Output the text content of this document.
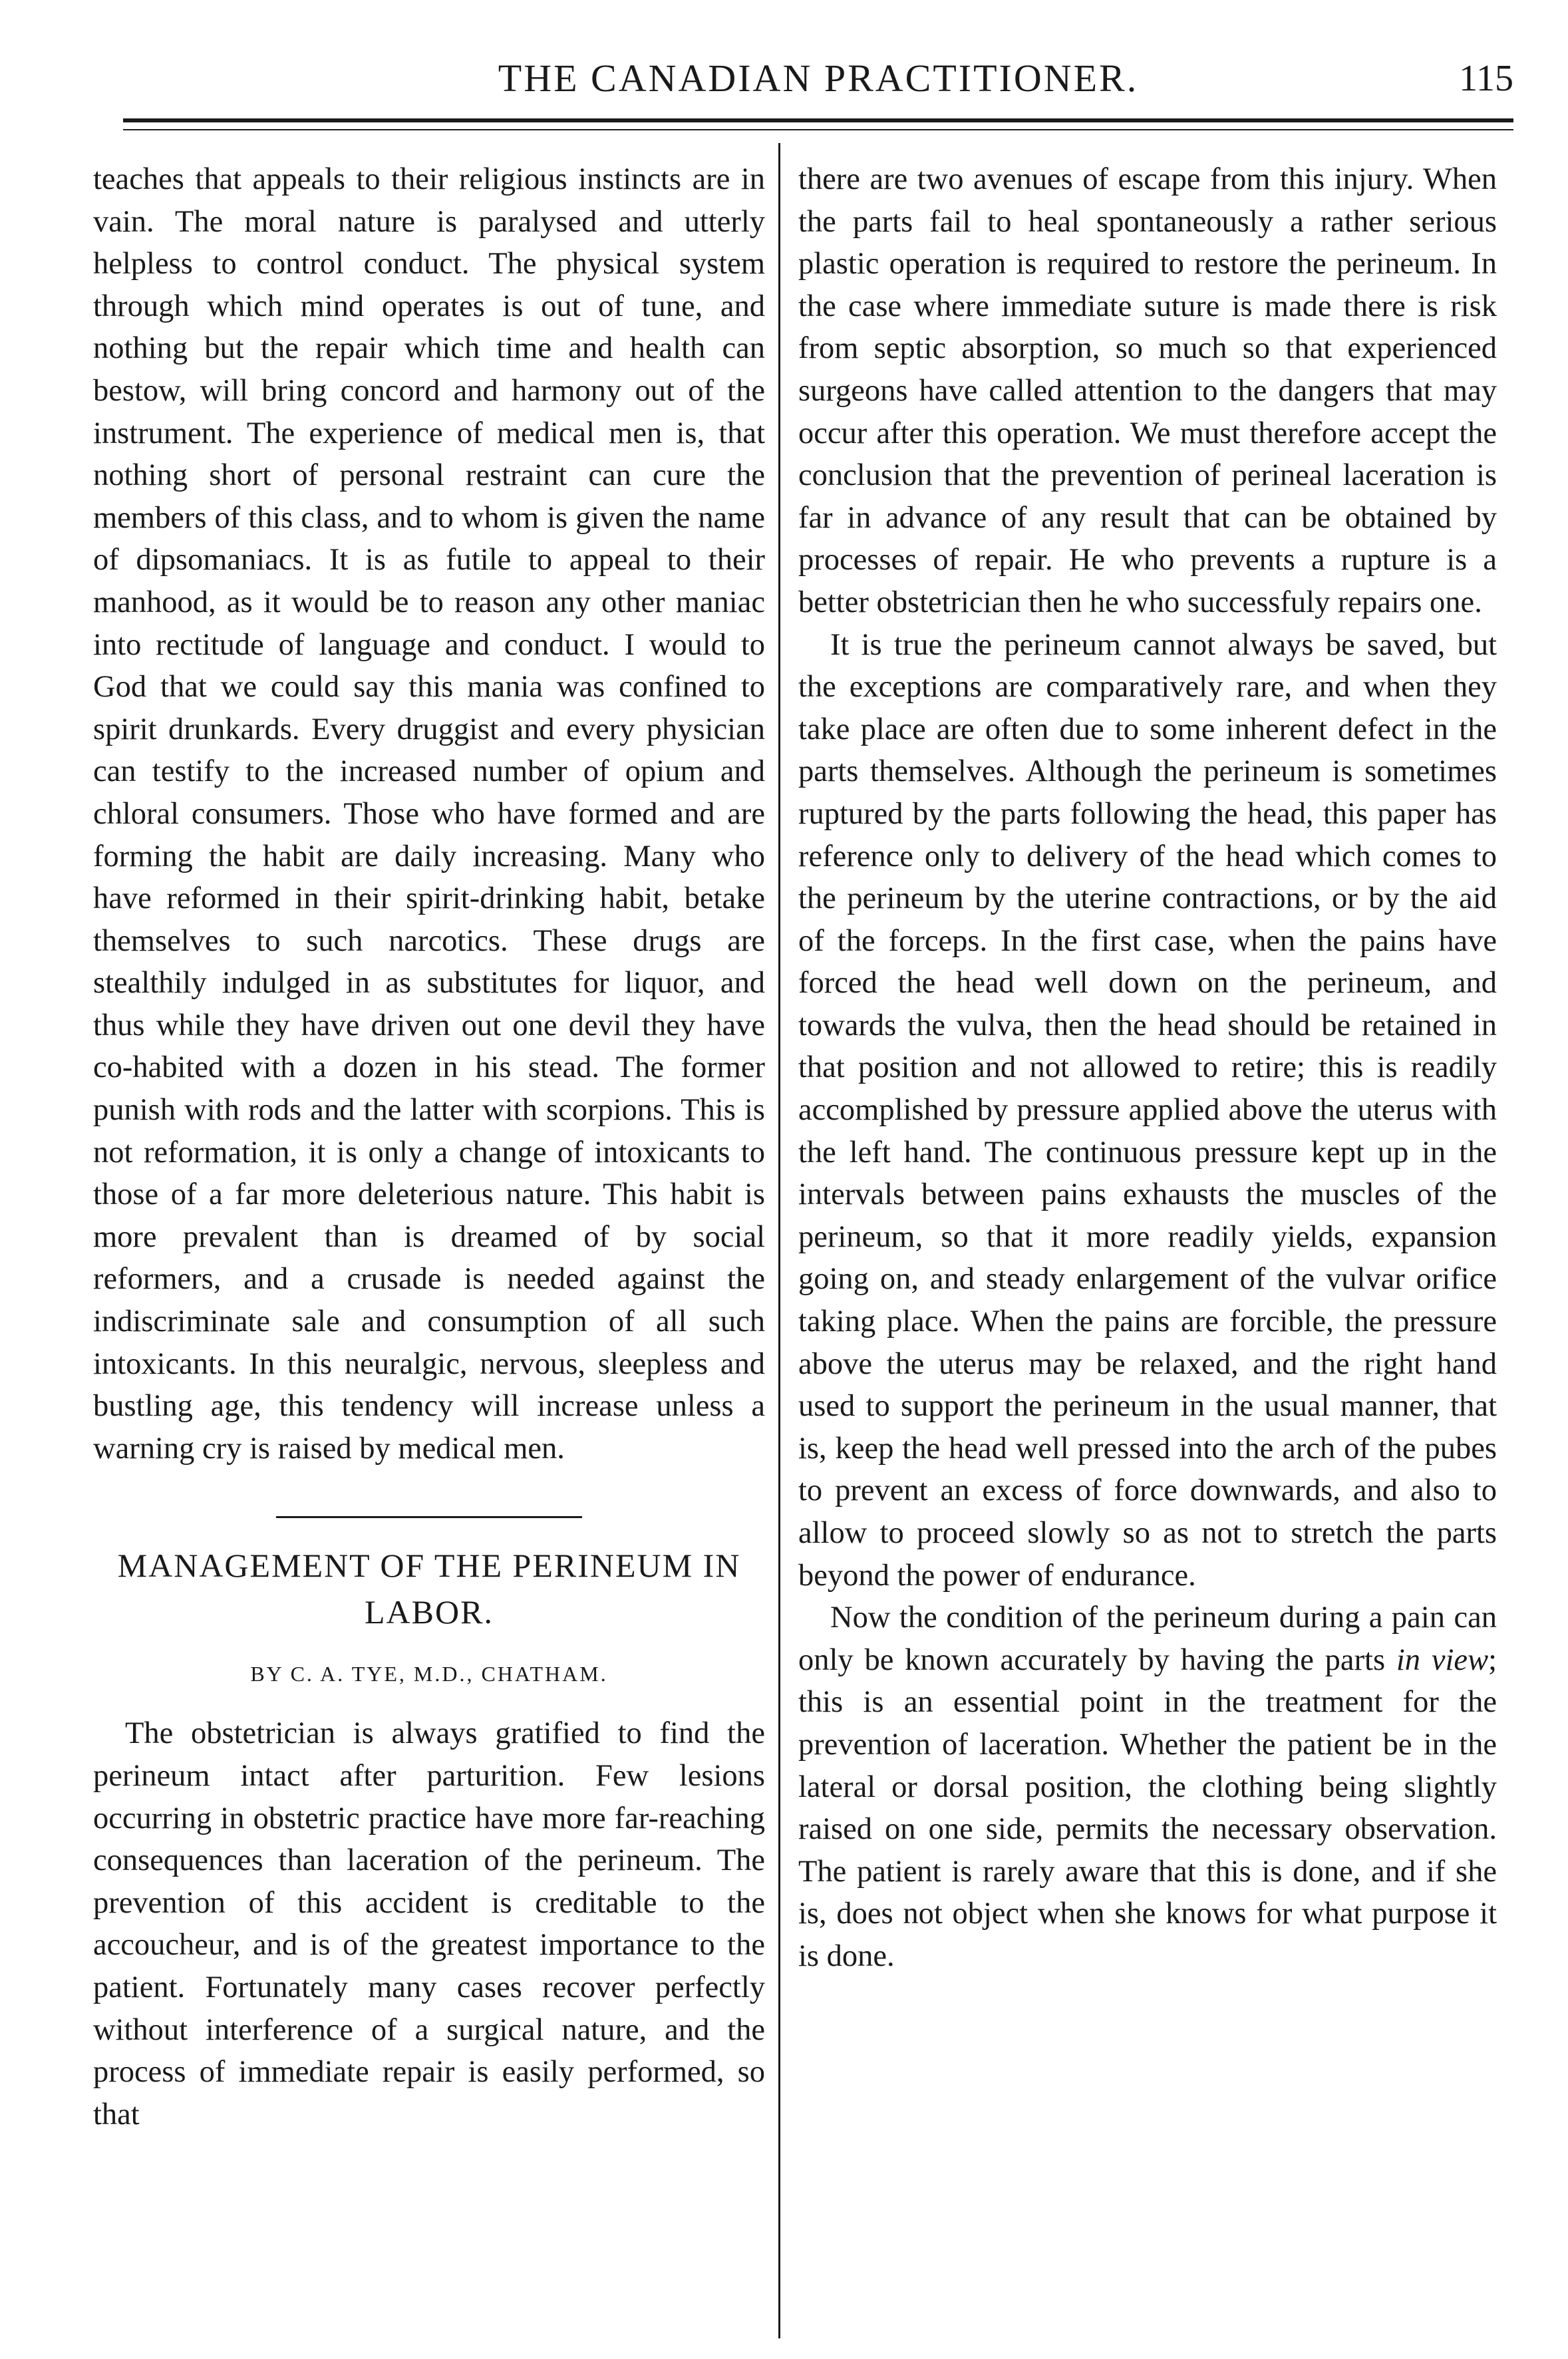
THE CANADIAN PRACTITIONER.	115

teaches that appeals to their religious instincts are in vain. The moral nature is paralysed and utterly helpless to control conduct. The physical system through which mind operates is out of tune, and nothing but the repair which time and health can bestow, will bring concord and harmony out of the instrument. The experience of medical men is, that nothing short of personal restraint can cure the members of this class, and to whom is given the name of dipsomaniacs. It is as futile to appeal to their manhood, as it would be to reason any other maniac into rectitude of language and conduct. I would to God that we could say this mania was confined to spirit drunkards. Every druggist and every physician can testify to the increased number of opium and chloral consumers. Those who have formed and are forming the habit are daily increasing. Many who have reformed in their spirit-drinking habit, betake themselves to such narcotics. These drugs are stealthily indulged in as substitutes for liquor, and thus while they have driven out one devil they have co-habited with a dozen in his stead. The former punish with rods and the latter with scorpions. This is not reformation, it is only a change of intoxicants to those of a far more deleterious nature. This habit is more prevalent than is dreamed of by social reformers, and a crusade is needed against the indiscriminate sale and consumption of all such intoxicants. In this neuralgic, nervous, sleepless and bustling age, this tendency will increase unless a warning cry is raised by medical men.

MANAGEMENT OF THE PERINEUM IN LABOR.
BY C. A. TYE, M.D., CHATHAM.

The obstetrician is always gratified to find the perineum intact after parturition. Few lesions occurring in obstetric practice have more far-reaching consequences than laceration of the perineum. The prevention of this accident is creditable to the accoucheur, and is of the greatest importance to the patient. Fortunately many cases recover perfectly without interference of a surgical nature, and the process of immediate repair is easily performed, so that

there are two avenues of escape from this injury. When the parts fail to heal spontaneously a rather serious plastic operation is required to restore the perineum. In the case where immediate suture is made there is risk from septic absorption, so much so that experienced surgeons have called attention to the dangers that may occur after this operation. We must therefore accept the conclusion that the prevention of perineal laceration is far in advance of any result that can be obtained by processes of repair. He who prevents a rupture is a better obstetrician then he who successfuly repairs one.

It is true the perineum cannot always be saved, but the exceptions are comparatively rare, and when they take place are often due to some inherent defect in the parts themselves. Although the perineum is sometimes ruptured by the parts following the head, this paper has reference only to delivery of the head which comes to the perineum by the uterine contractions, or by the aid of the forceps. In the first case, when the pains have forced the head well down on the perineum, and towards the vulva, then the head should be retained in that position and not allowed to retire; this is readily accomplished by pressure applied above the uterus with the left hand. The continuous pressure kept up in the intervals between pains exhausts the muscles of the perineum, so that it more readily yields, expansion going on, and steady enlargement of the vulvar orifice taking place. When the pains are forcible, the pressure above the uterus may be relaxed, and the right hand used to support the perineum in the usual manner, that is, keep the head well pressed into the arch of the pubes to prevent an excess of force downwards, and also to allow to proceed slowly so as not to stretch the parts beyond the power of endurance.

Now the condition of the perineum during a pain can only be known accurately by having the parts in view; this is an essential point in the treatment for the prevention of laceration. Whether the patient be in the lateral or dorsal position, the clothing being slightly raised on one side, permits the necessary observation. The patient is rarely aware that this is done, and if she is, does not object when she knows for what purpose it is done.
